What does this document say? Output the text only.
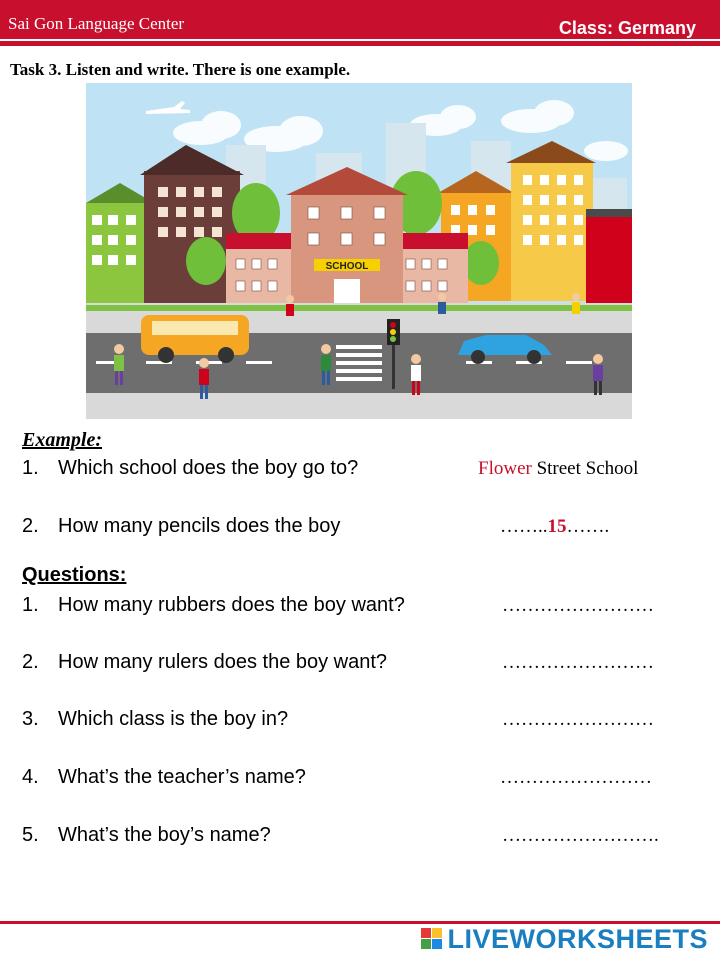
Sai Gon Language Center	Class: Germany
Task 3. Listen and write. There is one example.
SCHOOL
Example:
1. Which school does the boy go to?	Flower Street School
2. How many pencils does the boy	……..15…….
Questions:
1. How many rubbers does the boy want?	……………………
2. How many rulers does the boy want?	……………………
3. Which class is the boy in?	……………………
4. What’s the teacher’s name?	……………………
5. What’s the boy’s name?	…………………….
LIVEWORKSHEETS
